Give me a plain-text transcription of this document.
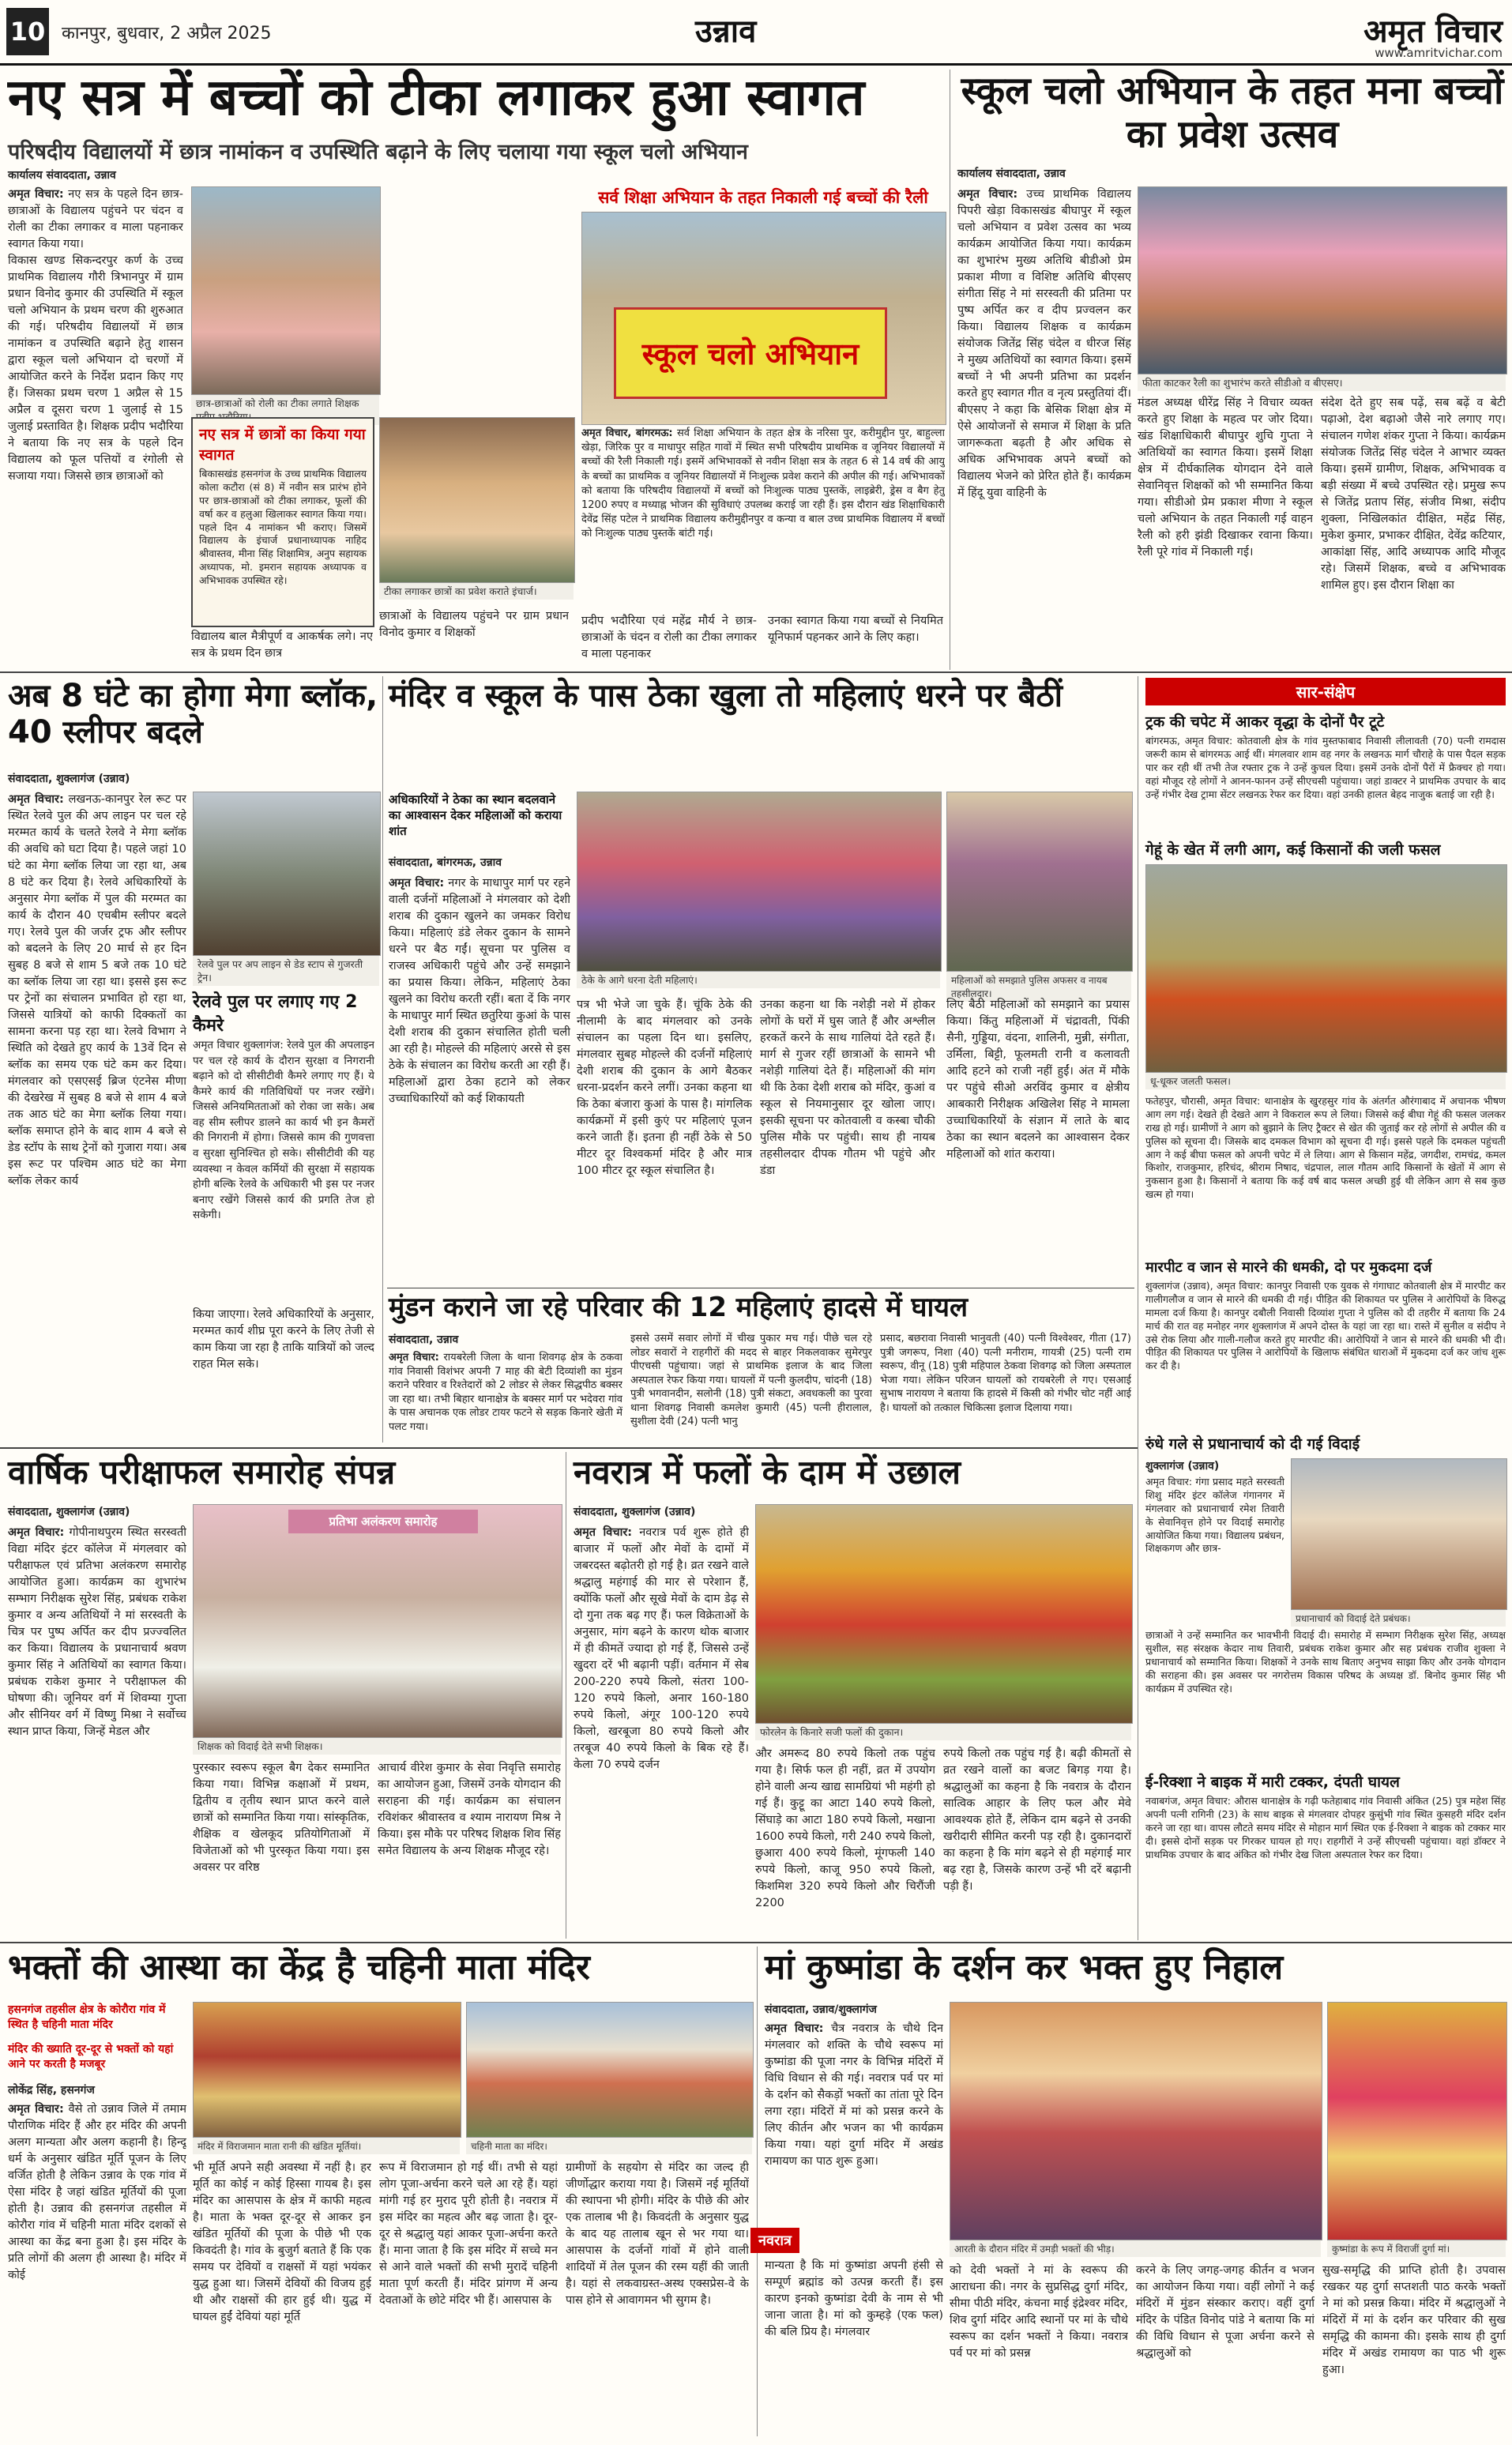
10 कानपुर, बुधवार, 2 अप्रैल 2025	उन्नाव	अमृत विचार
www.amritvichar.com
नए सत्र में बच्चों को टीका लगाकर हुआ स्वागत
परिषदीय विद्यालयों में छात्र नामांकन व उपस्थिति बढ़ाने के लिए चलाया गया स्कूल चलो अभियान
कार्यालय संवाददाता, उन्नाव
अमृत विचार: नए सत्र के पहले दिन छात्र-छात्राओं के विद्यालय पहुंचने पर चंदन व रोली का टीका लगाकर व माला पहनाकर स्वागत किया गया।
विकास खण्ड सिकन्दरपुर कर्ण के उच्च प्राथमिक विद्यालय गौरी त्रिभानपुर में ग्राम प्रधान विनोद कुमार की उपस्थिति में स्कूल चलो अभियान के प्रथम चरण की शुरुआत की गई। परिषदीय विद्यालयों में छात्र नामांकन व उपस्थिति बढ़ाने हेतु शासन द्वारा स्कूल चलो अभियान दो चरणों में आयोजित करने के निर्देश प्रदान किए गए हैं। जिसका प्रथम चरण 1 अप्रैल से 15 अप्रैल व दूसरा चरण 1 जुलाई से 15 जुलाई प्रस्तावित है। शिक्षक प्रदीप भदौरिया ने बताया कि नए सत्र के पहले दिन विद्यालय को फूल पत्तियों व रंगोली से सजाया गया। जिससे छात्र छात्राओं को
छात्र-छात्राओं को रोली का टीका लगाते शिक्षक
नए सत्र में छात्रों का किया गया स्वागत
बिकासखंड हसनगंज के उच्च प्राथमिक विद्यालय कोला कटौरा (सं 8) में नवीन सत्र प्रारंभ होने पर छात्र-छात्राओं को टीका लगाकर, फूलों की वर्षा कर व हलुआ खिलाकर स्वागत किया गया। पहले दिन 4 नामांकन भी कराए। जिसमें विद्यालय के इंचार्ज प्रधानाध्यापक नाहिद श्रीवास्तव, मीना सिंह शिक्षामित्र, अनुप सहायक अध्यापक, मो. इमरान सहायक अध्यापक व अभिभावक उपस्थित रहे।
टीका लगाकर छात्रों का प्रवेश कराते इंचार्ज।
विद्यालय बाल मैत्रीपूर्ण व आकर्षक लगे। नए सत्र के प्रथम दिन छात्र
छात्राओं के विद्यालय पहुंचने पर ग्राम प्रधान विनोद कुमार व शिक्षकों
सर्व शिक्षा अभियान के तहत निकाली गई बच्चों की रैली
स्कूल चलो अभियान
अमृत विचार, बांगरमऊ: सर्व शिक्षा अभियान के तहत क्षेत्र के नरिसा पुर, करीमुद्दीन पुर, बाहुल्ला खेड़ा, जिरिक पुर व माधापुर सहित गावों में स्थित सभी परिषदीय प्राथमिक व जूनियर विद्यालयों में बच्चों की रैली निकाली गई। इसमें अभिभावकों से नवीन शिक्षा सत्र के तहत 6 से 14 वर्ष की आयु के बच्चों का प्राथमिक व जूनियर विद्यालयों में निःशुल्क प्रवेश कराने की अपील की गई। अभिभावकों को बताया कि परिषदीय विद्यालयों में बच्चों को निःशुल्क पाठ्य पुस्तकें, लाइब्रेरी, ड्रेस व बैग हेतु 1200 रुपए व मध्याह्न भोजन की सुविधाएं उपलब्ध कराई जा रही हैं। इस दौरान खंड शिक्षाधिकारी देवेंद्र सिंह पटेल ने प्राथमिक विद्यालय करीमुद्दीनपुर व कन्या व बाल उच्च प्राथमिक विद्यालय में बच्चों को निःशुल्क पाठ्य पुस्तकें बांटी गई।
प्रदीप भदौरिया एवं महेंद्र मौर्य ने छात्र-छात्राओं के चंदन व रोली का टीका लगाकर व माला पहनाकर
उनका स्वागत किया गया बच्चों से नियमित यूनिफार्म पहनकर आने के लिए कहा।
स्कूल चलो अभियान के तहत मना बच्चों का प्रवेश उत्सव
कार्यालय संवाददाता, उन्नाव
अमृत विचार: उच्च प्राथमिक विद्यालय पिपरी खेड़ा विकासखंड बीघापुर में स्कूल चलो अभियान व प्रवेश उत्सव का भव्य कार्यक्रम आयोजित किया गया। कार्यक्रम का शुभारंभ मुख्य अतिथि बीडीओ प्रेम प्रकाश मीणा व विशिष्ट अतिथि बीएसए संगीता सिंह ने मां सरस्वती की प्रतिमा पर पुष्प अर्पित कर व दीप प्रज्वलन कर किया। विद्यालय शिक्षक व कार्यक्रम संयोजक जितेंद्र सिंह चंदेल व धीरज सिंह ने मुख्य अतिथियों का स्वागत किया। इसमें बच्चों ने भी अपनी प्रतिभा का प्रदर्शन करते हुए स्वागत गीत व नृत्य प्रस्तुतियां दीं। बीएसए ने कहा कि बेसिक शिक्षा क्षेत्र में ऐसे आयोजनों से समाज में शिक्षा के प्रति जागरूकता बढ़ती है और अधिक से अधिक अभिभावक अपने बच्चों को विद्यालय भेजने को प्रेरित होते हैं। कार्यक्रम में हिंदू युवा वाहिनी के
फीता काटकर रैली का शुभारंभ करते सीडीओ व बीएसए।
मंडल अध्यक्ष धीरेंद्र सिंह ने विचार व्यक्त करते हुए शिक्षा के महत्व पर जोर दिया। खंड शिक्षाधिकारी बीघापुर शुचि गुप्ता ने अतिथियों का स्वागत किया। इसमें शिक्षा क्षेत्र में दीर्घकालिक योगदान देने वाले सेवानिवृत्त शिक्षकों को भी सम्मानित किया गया। सीडीओ प्रेम प्रकाश मीणा ने स्कूल चलो अभियान के तहत निकाली गई वाहन रैली को हरी झंडी दिखाकर रवाना किया। रैली पूरे गांव में निकाली गई।
संदेश देते हुए सब पढ़ें, सब बढ़ें व बेटी पढ़ाओ, देश बढ़ाओ जैसे नारे लगाए गए। संचालन गणेश शंकर गुप्ता ने किया। कार्यक्रम संयोजक जितेंद्र सिंह चंदेल ने आभार व्यक्त किया। इसमें ग्रामीण, शिक्षक, अभिभावक व बड़ी संख्या में बच्चे उपस्थित रहे। प्रमुख रूप से जितेंद्र प्रताप सिंह, संजीव मिश्रा, संदीप शुक्ला, निखिलकांत दीक्षित, महेंद्र सिंह, मुकेश कुमार, प्रभाकर दीक्षित, देवेंद्र कटियार, आकांक्षा सिंह, आदि अध्यापक आदि मौजूद रहे। जिसमें शिक्षक, बच्चे व अभिभावक शामिल हुए। इस दौरान शिक्षा का
अब 8 घंटे का होगा मेगा ब्लॉक, 40 स्लीपर बदले
संवाददाता, शुक्लागंज (उन्नाव)
अमृत विचार: लखनऊ-कानपुर रेल रूट पर स्थित रेलवे पुल की अप लाइन पर चल रहे मरम्मत कार्य के चलते रेलवे ने मेगा ब्लॉक की अवधि को घटा दिया है। पहले जहां 10 घंटे का मेगा ब्लॉक लिया जा रहा था, अब 8 घंटे कर दिया है। रेलवे अधिकारियों के अनुसार मेगा ब्लॉक में पुल की मरम्मत का कार्य के दौरान 40 एचबीम स्लीपर बदले गए। रेलवे पुल की जर्जर ट्रफ और स्लीपर को बदलने के लिए 20 मार्च से हर दिन सुबह 8 बजे से शाम 5 बजे तक 10 घंटे का ब्लॉक लिया जा रहा था। इससे इस रूट पर ट्रेनों का संचालन प्रभावित हो रहा था, जिससे यात्रियों को काफी दिक्कतों का सामना करना पड़ रहा था। रेलवे विभाग ने स्थिति को देखते हुए कार्य के 13वें दिन से ब्लॉक का समय एक घंटे कम कर दिया। मंगलवार को एसएसई ब्रिज एंटनेस मीणा की देखरेख में सुबह 8 बजे से शाम 4 बजे तक आठ घंटे का मेगा ब्लॉक लिया गया। ब्लॉक समाप्त होने के बाद शाम 4 बजे से डेड स्टॉप के साथ ट्रेनों को गुजारा गया। अब इस रूट पर पश्चिम आठ घंटे का मेगा ब्लॉक लेकर कार्य
रेलवे पुल पर अप लाइन से डेड स्टाप से गुजरती ट्रेन।
रेलवे पुल पर लगाए गए 2 कैमरे
अमृत विचार शुक्लागंज: रेलवे पुल की अपलाइन पर चल रहे कार्य के दौरान सुरक्षा व निगरानी बढ़ाने को दो सीसीटीवी कैमरे लगाए गए हैं। ये कैमरे कार्य की गतिविधियों पर नजर रखेंगे। जिससे अनियमितताओं को रोका जा सके। अब वह सीम स्लीपर डालने का कार्य भी इन कैमरों की निगरानी में होगा। जिससे काम की गुणवत्ता व सुरक्षा सुनिश्चित हो सके। सीसीटीवी की यह व्यवस्था न केवल कर्मियों की सुरक्षा में सहायक होगी बल्कि रेलवे के अधिकारी भी इस पर नजर बनाए रखेंगे जिससे कार्य की प्रगति तेज हो सकेगी।
किया जाएगा। रेलवे अधिकारियों के अनुसार, मरम्मत कार्य शीघ्र पूरा करने के लिए तेजी से काम किया जा रहा है ताकि यात्रियों को जल्द राहत मिल सके।
मंदिर व स्कूल के पास ठेका खुला तो महिलाएं धरने पर बैठीं
अधिकारियों ने ठेका का स्थान बदलवाने का आश्वासन देकर महिलाओं को कराया शांत
संवाददाता, बांगरमऊ, उन्नाव
अमृत विचार: नगर के माधापुर मार्ग पर रहने वाली दर्जनों महिलाओं ने मंगलवार को देशी शराब की दुकान खुलने का जमकर विरोध किया। महिलाएं डंडे लेकर दुकान के सामने धरने पर बैठ गईं। सूचना पर पुलिस व राजस्व अधिकारी पहुंचे और उन्हें समझाने का प्रयास किया। लेकिन, महिलाएं ठेका खुलने का विरोध करती रहीं। बता दें कि नगर के माधापुर मार्ग स्थित छतुरिया कुआं के पास देशी शराब की दुकान संचालित होती चली आ रही है। मोहल्ले की महिलाएं अरसे से इस ठेके के संचालन का विरोध करती आ रही हैं। महिलाओं द्वारा ठेका हटाने को लेकर उच्चाधिकारियों को कई शिकायती
ठेके के आगे धरना देती महिलाएं।	महिलाओं को समझाते पुलिस अफसर व नायब तहसीलदार।
पत्र भी भेजे जा चुके हैं। चूंकि ठेके की नीलामी के बाद मंगलवार को उनके संचालन का पहला दिन था। इसलिए, मंगलवार सुबह मोहल्ले की दर्जनों महिलाएं देशी शराब की दुकान के आगे बैठकर धरना-प्रदर्शन करने लगीं। उनका कहना था कि ठेका बंजारा कुआं के पास है। मांगलिक कार्यक्रमों में इसी कुएं पर महिलाएं पूजन करने जाती हैं। इतना ही नहीं ठेके से 50 मीटर दूर विश्वकर्मा मंदिर है और मात्र 100 मीटर दूर स्कूल संचालित है।
उनका कहना था कि नशेड़ी नशे में होकर लोगों के घरों में घुस जाते हैं और अश्लील हरकतें करने के साथ गालियां देते रहते हैं। मार्ग से गुजर रहीं छात्राओं के सामने भी नशेड़ी गालियां देते हैं। महिलाओं की मांग थी कि ठेका देशी शराब को मंदिर, कुआं व स्कूल से नियमानुसार दूर खोला जाए। इसकी सूचना पर कोतवाली व कस्बा चौकी पुलिस मौके पर पहुंची। साथ ही नायब तहसीलदार दीपक गौतम भी पहुंचे और डंडा
लिए बैठी महिलाओं को समझाने का प्रयास किया। किंतु महिलाओं में चंद्रावती, पिंकी सैनी, गुड्डिया, वंदना, शालिनी, मुन्नी, संगीता, उर्मिला, बिट्टी, फूलमती रानी व कलावती आदि हटने को राजी नहीं हुईं। अंत में मौके पर पहुंचे सीओ अरविंद कुमार व क्षेत्रीय आबकारी निरीक्षक अखिलेश सिंह ने मामला उच्चाधिकारियों के संज्ञान में लाते के बाद ठेका का स्थान बदलने का आश्वासन देकर महिलाओं को शांत कराया।
मुंडन कराने जा रहे परिवार की 12 महिलाएं हादसे में घायल
संवाददाता, उन्नाव
अमृत विचार: रायबरेली जिला के थाना शिवगढ़ क्षेत्र के ठकवा गांव निवासी विशंभर अपनी 7 माह की बेटी दिव्यांशी का मुंडन कराने परिवार व रिश्तेदारों को 2 लोडर से लेकर सिद्धपीठ बक्सर जा रहा था। तभी बिहार थानाक्षेत्र के बक्सर मार्ग पर भदेवरा गांव के पास अचानक एक लोडर टायर फटने से सड़क किनारे खेती में पलट गया।
इससे उसमें सवार लोगों में चीख पुकार मच गई। पीछे चल रहे लोडर सवारों ने राहगीरों की मदद से बाहर निकलवाकर सुमेरपुर पीएचसी पहुंचाया। जहां से प्राथमिक इलाज के बाद जिला अस्पताल रेफर किया गया। घायलों में पत्नी कुलदीप, चांदनी (18) पुत्री भगवानदीन, सलोनी (18) पुत्री संकटा, अवधकली का पुरवा थाना शिवगढ़ निवासी कमलेश कुमारी (45) पत्नी हीरालाल, सुशीला देवी (24) पत्नी भानु
प्रसाद, बछरावा निवासी भानुवती (40) पत्नी विश्वेश्वर, गीता (17) पुत्री जगरूप, निशा (40) पत्नी मनीराम, गायत्री (25) पत्नी राम स्वरूप, वीनू (18) पुत्री महिपाल ठेकवा शिवगढ़ को जिला अस्पताल भेजा गया। लेकिन परिजन घायलों को रायबरेली ले गए। एसआई सुभाष नारायण ने बताया कि हादसे में किसी को गंभीर चोट नहीं आई है। घायलों को तत्काल चिकित्सा इलाज दिलाया गया।
सार-संक्षेप
ट्रक की चपेट में आकर वृद्धा के दोनों पैर टूटे
बांगरमऊ, अमृत विचार: कोतवाली क्षेत्र के गांव मुस्तफाबाद निवासी लीलावती (70) पत्नी रामदास जरूरी काम से बांगरमऊ आई थीं। मंगलवार शाम वह नगर के लखनऊ मार्ग चौराहे के पास पैदल सड़क पार कर रही थीं तभी तेज रफ्तार ट्रक ने उन्हें कुचल दिया। इसमें उनके दोनों पैरों में फ्रैक्चर हो गया। वहां मौजूद रहे लोगों ने आनन-फानन उन्हें सीएचसी पहुंचाया। जहां डाक्टर ने प्राथमिक उपचार के बाद उन्हें गंभीर देख ट्रामा सेंटर लखनऊ रेफर कर दिया। वहां उनकी हालत बेहद नाजुक बताई जा रही है।
गेहूं के खेत में लगी आग, कई किसानों की जली फसल
धू-धूकर जलती फसल।
फतेहपुर, चौरासी, अमृत विचार: थानाक्षेत्र के खुरहसुर गांव के अंतर्गत औरंगाबाद में अचानक भीषण आग लग गई। देखते ही देखते आग ने विकराल रूप ले लिया। जिससे कई बीघा गेहूं की फसल जलकर राख हो गई। ग्रामीणों ने आग को बुझाने के लिए ट्रैक्टर से खेत की जुताई कर रहे लोगों से अपील की व पुलिस को सूचना दी। जिसके बाद दमकल विभाग को सूचना दी गई। इससे पहले कि दमकल पहुंचती आग ने कई बीघा फसल को अपनी चपेट में ले लिया। आग से किसान महेंद्र, जगदीश, रामचंद्र, कमल किशोर, राजकुमार, हरिचंद, श्रीराम निषाद, चंद्रपाल, लाल गौतम आदि किसानों के खेतों में आग से नुकसान हुआ है। किसानों ने बताया कि कई वर्ष बाद फसल अच्छी हुई थी लेकिन आग से सब कुछ खत्म हो गया।
मारपीट व जान से मारने की धमकी, दो पर मुकदमा दर्ज
शुक्लागंज (उन्नाव), अमृत विचार: कानपुर निवासी एक युवक से गंगाघाट कोतवाली क्षेत्र में मारपीट कर गालीगलौज व जान से मारने की धमकी दी गई। पीड़ित की शिकायत पर पुलिस ने आरोपियों के विरुद्ध मामला दर्ज किया है। कानपुर दबौली निवासी दिव्यांश गुप्ता ने पुलिस को दी तहरीर में बताया कि 24 मार्च की रात वह मनोहर नगर शुक्लागंज में अपने दोस्त के यहां जा रहा था। रास्ते में सुनील व संदीप ने उसे रोक लिया और गाली-गलौज करते हुए मारपीट की। आरोपियों ने जान से मारने की धमकी भी दी। पीड़ित की शिकायत पर पुलिस ने आरोपियों के खिलाफ संबंधित धाराओं में मुकदमा दर्ज कर जांच शुरू कर दी है।
रुंधे गले से प्रधानाचार्य को दी गई विदाई
शुक्लागंज (उन्नाव)
अमृत विचार: गंगा प्रसाद महते सरस्वती शिशु मंदिर इंटर कॉलेज गंगानगर में मंगलवार को प्रधानाचार्य रमेश तिवारी के सेवानिवृत्त होने पर विदाई समारोह आयोजित किया गया। विद्यालय प्रबंधन, शिक्षकगण और छात्र-
प्रधानाचार्य को विदाई देते प्रबंधक।
छात्राओं ने उन्हें सम्मानित कर भावभीनी विदाई दी। समारोह में सम्भाग निरीक्षक सुरेश सिंह, अध्यक्ष सुशील, सह संरक्षक केदार नाथ तिवारी, प्रबंधक राकेश कुमार और सह प्रबंधक राजीव शुक्ला ने प्रधानाचार्य को सम्मानित किया। शिक्षकों ने उनके साथ बिताए अनुभव साझा किए और उनके योगदान की सराहना की। इस अवसर पर नगरोत्तम विकास परिषद के अध्यक्ष डॉ. बिनोद कुमार सिंह भी कार्यक्रम में उपस्थित रहे।
ई-रिक्शा ने बाइक में मारी टक्कर, दंपती घायल
नवाबगंज, अमृत विचार: औरास थानाक्षेत्र के गढ़ी फतेहाबाद गांव निवासी अंकित (25) पुत्र महेश सिंह अपनी पत्नी रागिनी (23) के साथ बाइक से मंगलवार दोपहर कुसुंभी गांव स्थित कुसहरी मंदिर दर्शन करने जा रहा था। वापस लौटते समय मंदिर से मोहान मार्ग स्थित एक ई-रिक्शा ने बाइक को टक्कर मार दी। इससे दोनों सड़क पर गिरकर घायल हो गए। राहगीरों ने उन्हें सीएचसी पहुंचाया। वहां डॉक्टर ने प्राथमिक उपचार के बाद अंकित को गंभीर देख जिला अस्पताल रेफर कर दिया।
वार्षिक परीक्षाफल समारोह संपन्न
संवाददाता, शुक्लागंज (उन्नाव)
अमृत विचार: गोपीनाथपुरम स्थित सरस्वती विद्या मंदिर इंटर कॉलेज में मंगलवार को परीक्षाफल एवं प्रतिभा अलंकरण समारोह आयोजित हुआ। कार्यक्रम का शुभारंभ सम्भाग निरीक्षक सुरेश सिंह, प्रबंधक राकेश कुमार व अन्य अतिथियों ने मां सरस्वती के चित्र पर पुष्प अर्पित कर दीप प्रज्ज्वलित कर किया। विद्यालय के प्रधानाचार्य श्रवण कुमार सिंह ने अतिथियों का स्वागत किया। प्रबंधक राकेश कुमार ने परीक्षाफल की घोषणा की। जूनियर वर्ग में शिवम्या गुप्ता और सीनियर वर्ग में विष्णु मिश्रा ने सर्वोच्च स्थान प्राप्त किया, जिन्हें मेडल और
प्रतिभा अलंकरण समारोह
शिक्षक को विदाई देते सभी शिक्षक।
पुरस्कार स्वरूप स्कूल बैग देकर सम्मानित किया गया। विभिन्न कक्षाओं में प्रथम, द्वितीय व तृतीय स्थान प्राप्त करने वाले छात्रों को सम्मानित किया गया। सांस्कृतिक, शैक्षिक व खेलकूद प्रतियोगिताओं में विजेताओं को भी पुरस्कृत किया गया। इस अवसर पर वरिष्ठ
आचार्य वीरेश कुमार के सेवा निवृत्ति समारोह का आयोजन हुआ, जिसमें उनके योगदान की सराहना की गई। कार्यक्रम का संचालन रविशंकर श्रीवास्तव व श्याम नारायण मिश्र ने किया। इस मौके पर परिषद शिक्षक शिव सिंह समेत विद्यालय के अन्य शिक्षक मौजूद रहे।
नवरात्र में फलों के दाम में उछाल
संवाददाता, शुक्लागंज (उन्नाव)
अमृत विचार: नवरात्र पर्व शुरू होते ही बाजार में फलों और मेवों के दामों में जबरदस्त बढ़ोतरी हो गई है। व्रत रखने वाले श्रद्धालु महंगाई की मार से परेशान हैं, क्योंकि फलों और सूखे मेवों के दाम डेढ़ से दो गुना तक बढ़ गए हैं। फल विक्रेताओं के अनुसार, मांग बढ़ने के कारण थोक बाजार में ही कीमतें ज्यादा हो गई हैं, जिससे उन्हें खुदरा दरें भी बढ़ानी पड़ीं। वर्तमान में सेब 200-220 रुपये किलो, संतरा 100-120 रुपये किलो, अनार 160-180 रुपये किलो, अंगूर 100-120 रुपये किलो, खरबूजा 80 रुपये किलो और तरबूज 40 रुपये किलो के बिक रहे हैं। केला 70 रुपये दर्जन
फोरलेन के किनारे सजी फलों की दुकान।
और अमरूद 80 रुपये किलो तक पहुंच गया है। सिर्फ फल ही नहीं, व्रत में उपयोग होने वाली अन्य खाद्य सामग्रियां भी महंगी हो गई हैं। कुट्टू का आटा 140 रुपये किलो, सिंघाड़े का आटा 180 रुपये किलो, मखाना 1600 रुपये किलो, गरी 240 रुपये किलो, छुआरा 400 रुपये किलो, मूंगफली 140 रुपये किलो, काजू 950 रुपये किलो, किशमिश 320 रुपये किलो और चिरौंजी 2200
रुपये किलो तक पहुंच गई है। बढ़ी कीमतों से व्रत रखने वालों का बजट बिगड़ गया है। श्रद्धालुओं का कहना है कि नवरात्र के दौरान सात्विक आहार के लिए फल और मेवे आवश्यक होते हैं, लेकिन दाम बढ़ने से उनकी खरीदारी सीमित करनी पड़ रही है। दुकानदारों का कहना है कि मांग बढ़ने से ही महंगाई मार बढ़ रहा है, जिसके कारण उन्हें भी दरें बढ़ानी पड़ी हैं।
भक्तों की आस्था का केंद्र है चहिनी माता मंदिर
हसनगंज तहसील क्षेत्र के कोरौरा गांव में स्थित है चहिनी माता मंदिर
मंदिर की ख्याति दूर-दूर से भक्तों को यहां आने पर करती है मजबूर
लोकेंद्र सिंह, हसनगंज
अमृत विचार: वैसे तो उन्नाव जिले में तमाम पौराणिक मंदिर हैं और हर मंदिर की अपनी अलग मान्यता और अलग कहानी है। हिन्दू धर्म के अनुसार खंडित मूर्ति पूजन के लिए वर्जित होती है लेकिन उन्नाव के एक गांव में ऐसा मंदिर है जहां खंडित मूर्तियों की पूजा होती है। उन्नाव की हसनगंज तहसील में कोरौरा गांव में चहिनी माता मंदिर दशकों से आस्था का केंद्र बना हुआ है। इस मंदिर के प्रति लोगों की अलग ही आस्था है। मंदिर में कोई
मंदिर में विराजमान माता रानी की खंडित मूर्तियां।	चहिनी माता का मंदिर।
भी मूर्ति अपने सही अवस्था में नहीं है। हर मूर्ति का कोई न कोई हिस्सा गायब है। इस मंदिर का आसपास के क्षेत्र में काफी महत्व है। माता के भक्त दूर-दूर से आकर इन खंडित मूर्तियों की पूजा के पीछे भी एक किवदंती है। गांव के बुजुर्ग बताते हैं कि एक समय पर देवियों व राक्षसों में यहां भयंकर युद्ध हुआ था। जिसमें देवियों की विजय हुई थी और राक्षसों की हार हुई थी। युद्ध में घायल हुईं देवियां यहां मूर्ति
रूप में विराजमान हो गई थीं। तभी से यहां लोग पूजा-अर्चना करने चले आ रहे हैं। यहां मांगी गई हर मुराद पूरी होती है। नवरात्र में इस मंदिर का महत्व और बढ़ जाता है। दूर-दूर से श्रद्धालु यहां आकर पूजा-अर्चना करते हैं। माना जाता है कि इस मंदिर में सच्चे मन से आने वाले भक्तों की सभी मुरादें चहिनी माता पूर्ण करती हैं। मंदिर प्रांगण में अन्य देवताओं के छोटे मंदिर भी हैं। आसपास के
ग्रामीणों के सहयोग से मंदिर का जल्द ही जीर्णोद्धार कराया गया है। जिसमें नई मूर्तियों की स्थापना भी होगी। मंदिर के पीछे की ओर एक तालाब भी है। किवदंती के अनुसार युद्ध के बाद यह तालाब खून से भर गया था। आसपास के दर्जनों गांवों में होने वाली शादियों में तेल पूजन की रस्म यहीं की जाती है। यहां से लकवाग्रस्त-अस्थ एक्सप्रेस-वे के पास होने से आवागमन भी सुगम है।
मां कुष्मांडा के दर्शन कर भक्त हुए निहाल
संवाददाता, उन्नाव/शुक्लागंज
अमृत विचार: चैत्र नवरात्र के चौथे दिन मंगलवार को शक्ति के चौथे स्वरूप मां कुष्मांडा की पूजा नगर के विभिन्न मंदिरों में विधि विधान से की गई। नवरात्र पर्व पर मां के दर्शन को सैकड़ों भक्तों का तांता पूरे दिन लगा रहा। मंदिरों में मां को प्रसन्न करने के लिए कीर्तन और भजन का भी कार्यक्रम किया गया। यहां दुर्गा मंदिर में अखंड रामायण का पाठ शुरू हुआ।
नवरात्र	आरती के दौरान मंदिर में उमड़ी भक्तों की भीड़।	कुष्मांडा के रूप में विराजीं दुर्गा मां।
मान्यता है कि मां कुष्मांडा अपनी हंसी से सम्पूर्ण ब्रह्मांड को उत्पन्न करती हैं। इस कारण इनको कुष्मांडा देवी के नाम से भी जाना जाता है। मां को कुम्हड़े (एक फल) की बलि प्रिय है। मंगलवार
को देवी भक्तों ने मां के स्वरूप की आराधना की। नगर के सुप्रसिद्ध दुर्गा मंदिर, सीमा पीठी मंदिर, कंचना माई इंद्रेश्वर मंदिर, शिव दुर्गा मंदिर आदि स्थानों पर मां के चौथे स्वरूप का दर्शन भक्तों ने किया। नवरात्र पर्व पर मां को प्रसन्न
करने के लिए जगह-जगह कीर्तन व भजन का आयोजन किया गया। वहीं लोगों ने कई मंदिरों में मुंडन संस्कार कराए। वहीं दुर्गा मंदिर के पंडित विनोद पांडे ने बताया कि मां की विधि विधान से पूजा अर्चना करने से श्रद्धालुओं को
सुख-समृद्धि की प्राप्ति होती है। उपवास रखकर यह दुर्गा सप्तशती पाठ करके भक्तों ने मां को प्रसन्न किया। मंदिर में श्रद्धालुओं ने मंदिरों में मां के दर्शन कर परिवार की सुख समृद्धि की कामना की। इसके साथ ही दुर्गा मंदिर में अखंड रामायण का पाठ भी शुरू हुआ।
